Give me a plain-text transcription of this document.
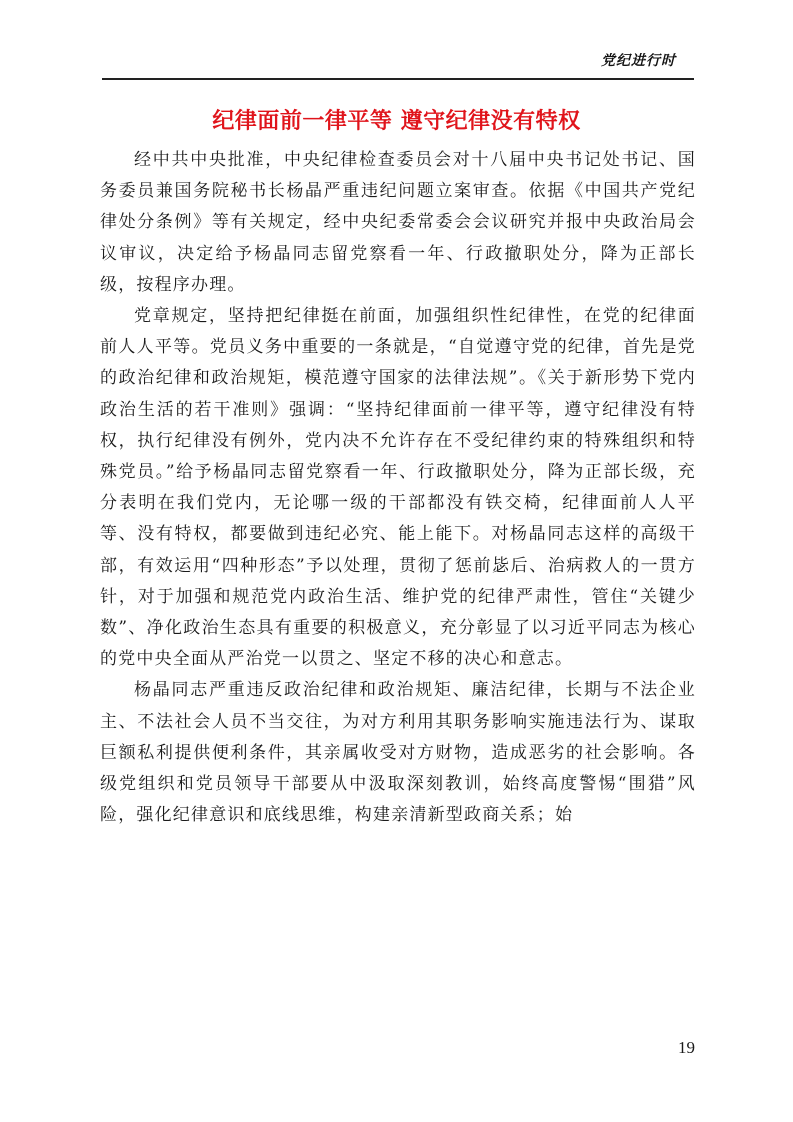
党纪进行时
纪律面前一律平等 遵守纪律没有特权

经中共中央批准，中央纪律检查委员会对十八届中央书记处书记、国务委员兼国务院秘书长杨晶严重违纪问题立案审查。依据《中国共产党纪律处分条例》等有关规定，经中央纪委常委会会议研究并报中央政治局会议审议，决定给予杨晶同志留党察看一年、行政撤职处分，降为正部长级，按程序办理。

党章规定，坚持把纪律挺在前面，加强组织性纪律性，在党的纪律面前人人平等。党员义务中重要的一条就是，“自觉遵守党的纪律，首先是党的政治纪律和政治规矩，模范遵守国家的法律法规”。《关于新形势下党内政治生活的若干准则》强调：“坚持纪律面前一律平等，遵守纪律没有特权，执行纪律没有例外，党内决不允许存在不受纪律约束的特殊组织和特殊党员。”给予杨晶同志留党察看一年、行政撤职处分，降为正部长级，充分表明在我们党内，无论哪一级的干部都没有铁交椅，纪律面前人人平等、没有特权，都要做到违纪必究、能上能下。对杨晶同志这样的高级干部，有效运用“四种形态”予以处理，贯彻了惩前毖后、治病救人的一贯方针，对于加强和规范党内政治生活、维护党的纪律严肃性，管住“关键少数”、净化政治生态具有重要的积极意义，充分彰显了以习近平同志为核心的党中央全面从严治党一以贯之、坚定不移的决心和意志。

杨晶同志严重违反政治纪律和政治规矩、廉洁纪律，长期与不法企业主、不法社会人员不当交往，为对方利用其职务影响实施违法行为、谋取巨额私利提供便利条件，其亲属收受对方财物，造成恶劣的社会影响。各级党组织和党员领导干部要从中汲取深刻教训，始终高度警惕“围猎”风险，强化纪律意识和底线思维，构建亲清新型政商关系；始

19
